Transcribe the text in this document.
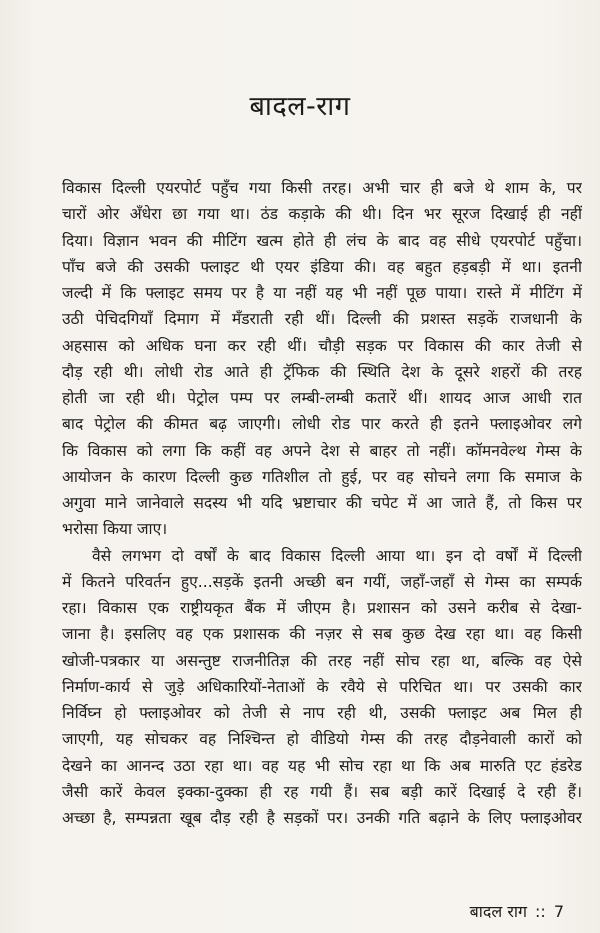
बादल-राग

विकास दिल्ली एयरपोर्ट पहुँच गया किसी तरह। अभी चार ही बजे थे शाम के, पर
चारों ओर अँधेरा छा गया था। ठंड कड़ाके की थी। दिन भर सूरज दिखाई ही नहीं
दिया। विज्ञान भवन की मीटिंग खत्म होते ही लंच के बाद वह सीधे एयरपोर्ट पहुँचा।
पाँच बजे की उसकी फ्लाइट थी एयर इंडिया की। वह बहुत हड़बड़ी में था। इतनी
जल्दी में कि फ्लाइट समय पर है या नहीं यह भी नहीं पूछ पाया। रास्ते में मीटिंग में
उठी पेचिदगियाँ दिमाग में मँडराती रही थीं। दिल्ली की प्रशस्त सड़कें राजधानी के
अहसास को अधिक घना कर रही थीं। चौड़ी सड़क पर विकास की कार तेजी से
दौड़ रही थी। लोधी रोड आते ही ट्रॅफिक की स्थिति देश के दूसरे शहरों की तरह
होती जा रही थी। पेट्रोल पम्प पर लम्बी-लम्बी कतारें थीं। शायद आज आधी रात
बाद पेट्रोल की कीमत बढ़ जाएगी। लोधी रोड पार करते ही इतने फ्लाइओवर लगे
कि विकास को लगा कि कहीं वह अपने देश से बाहर तो नहीं। कॉमनवेल्थ गेम्स के
आयोजन के कारण दिल्ली कुछ गतिशील तो हुई, पर वह सोचने लगा कि समाज के
अगुवा माने जानेवाले सदस्य भी यदि भ्रष्टाचार की चपेट में आ जाते हैं, तो किस पर
भरोसा किया जाए।

वैसे लगभग दो वर्षों के बाद विकास दिल्ली आया था। इन दो वर्षों में दिल्ली
में कितने परिवर्तन हुए...सड़कें इतनी अच्छी बन गयीं, जहाँ-जहाँ से गेम्स का सम्पर्क
रहा। विकास एक राष्ट्रीयकृत बैंक में जीएम है। प्रशासन को उसने करीब से देखा-
जाना है। इसलिए वह एक प्रशासक की नज़र से सब कुछ देख रहा था। वह किसी
खोजी-पत्रकार या असन्तुष्ट राजनीतिज्ञ की तरह नहीं सोच रहा था, बल्कि वह ऐसे
निर्माण-कार्य से जुड़े अधिकारियों-नेताओं के रवैये से परिचित था। पर उसकी कार
निर्विघ्न हो फ्लाइओवर को तेजी से नाप रही थी, उसकी फ्लाइट अब मिल ही
जाएगी, यह सोचकर वह निश्चिन्त हो वीडियो गेम्स की तरह दौड़नेवाली कारों को
देखने का आनन्द उठा रहा था। वह यह भी सोच रहा था कि अब मारुति एट हंडरेड
जैसी कारें केवल इक्का-दुक्का ही रह गयी हैं। सब बड़ी कारें दिखाई दे रही हैं।
अच्छा है, सम्पन्नता खूब दौड़ रही है सड़कों पर। उनकी गति बढ़ाने के लिए फ्लाइओवर

बादल राग :: 7
